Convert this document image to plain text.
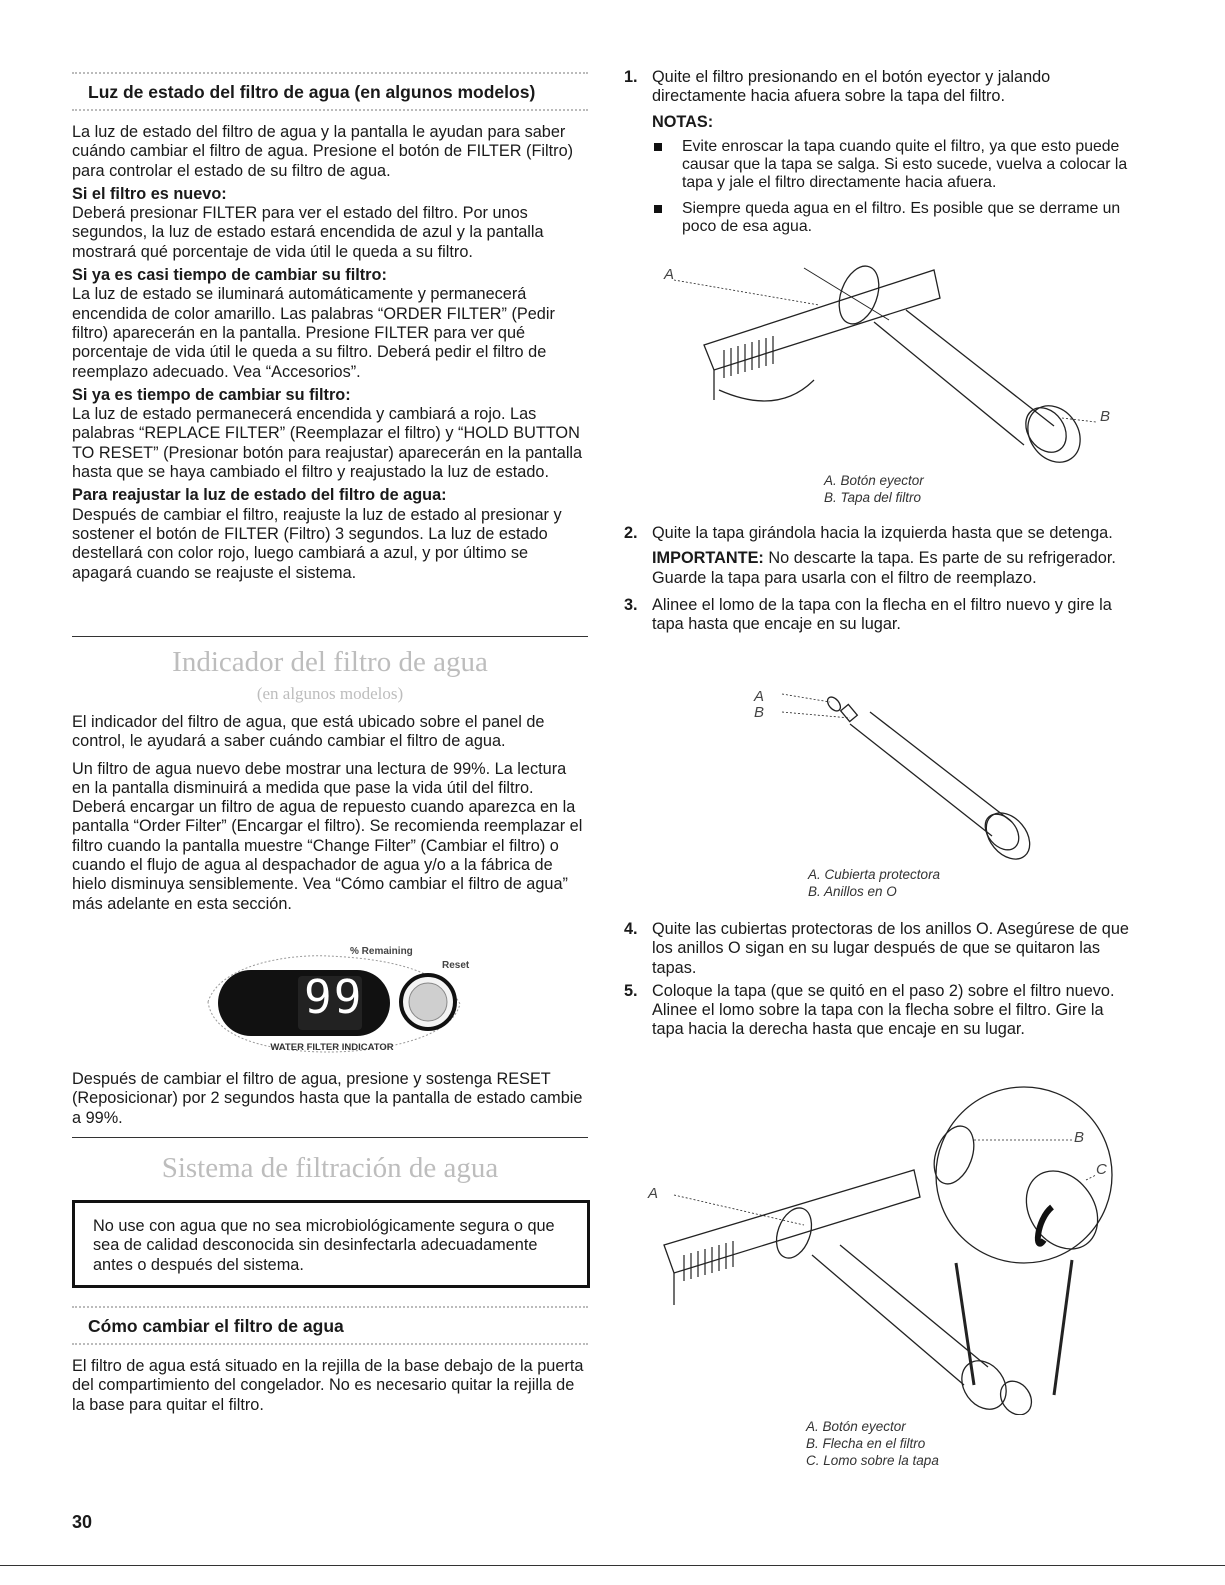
Luz de estado del filtro de agua (en algunos modelos)

La luz de estado del filtro de agua y la pantalla le ayudan para saber cuándo cambiar el filtro de agua. Presione el botón de FILTER (Filtro) para controlar el estado de su filtro de agua.

Si el filtro es nuevo:

Deberá presionar FILTER para ver el estado del filtro. Por unos segundos, la luz de estado estará encendida de azul y la pantalla mostrará qué porcentaje de vida útil le queda a su filtro.

Si ya es casi tiempo de cambiar su filtro:

La luz de estado se iluminará automáticamente y permanecerá encendida de color amarillo. Las palabras “ORDER FILTER” (Pedir filtro) aparecerán en la pantalla. Presione FILTER para ver qué porcentaje de vida útil le queda a su filtro. Deberá pedir el filtro de reemplazo adecuado. Vea “Accesorios”.

Si ya es tiempo de cambiar su filtro:

La luz de estado permanecerá encendida y cambiará a rojo. Las palabras “REPLACE FILTER” (Reemplazar el filtro) y “HOLD BUTTON TO RESET” (Presionar botón para reajustar) aparecerán en la pantalla hasta que se haya cambiado el filtro y reajustado la luz de estado.

Para reajustar la luz de estado del filtro de agua:

Después de cambiar el filtro, reajuste la luz de estado al presionar y sostener el botón de FILTER (Filtro) 3 segundos. La luz de estado destellará con color rojo, luego cambiará a azul, y por último se apagará cuando se reajuste el sistema.

Indicador del filtro de agua
(en algunos modelos)

El indicador del filtro de agua, que está ubicado sobre el panel de control, le ayudará a saber cuándo cambiar el filtro de agua.

Un filtro de agua nuevo debe mostrar una lectura de 99%. La lectura en la pantalla disminuirá a medida que pase la vida útil del filtro. Deberá encargar un filtro de agua de repuesto cuando aparezca en la pantalla “Order Filter” (Encargar el filtro). Se recomienda reemplazar el filtro cuando la pantalla muestre “Change Filter” (Cambiar el filtro) o cuando el flujo de agua al despachador de agua y/o a la fábrica de hielo disminuya sensiblemente. Vea “Cómo cambiar el filtro de agua” más adelante en esta sección.

% Remaining
Reset
99
WATER FILTER INDICATOR

Después de cambiar el filtro de agua, presione y sostenga RESET (Reposicionar) por 2 segundos hasta que la pantalla de estado cambie a 99%.

Sistema de filtración de agua
No use con agua que no sea microbiológicamente segura o que sea de calidad desconocida sin desinfectarla adecuadamente antes o después del sistema.
Cómo cambiar el filtro de agua

El filtro de agua está situado en la rejilla de la base debajo de la puerta del compartimiento del congelador. No es necesario quitar la rejilla de la base para quitar el filtro.

1. Quite el filtro presionando en el botón eyector y jalando directamente hacia afuera sobre la tapa del filtro.
NOTAS:
Evite enroscar la tapa cuando quite el filtro, ya que esto puede causar que la tapa se salga. Si esto sucede, vuelva a colocar la tapa y jale el filtro directamente hacia afuera.
Siempre queda agua en el filtro. Es posible que se derrame un poco de esa agua.
A
B
A. Botón eyector
B. Tapa del filtro
2. Quite la tapa girándola hacia la izquierda hasta que se detenga.
IMPORTANTE: No descarte la tapa. Es parte de su refrigerador. Guarde la tapa para usarla con el filtro de reemplazo.
3. Alinee el lomo de la tapa con la flecha en el filtro nuevo y gire la tapa hasta que encaje en su lugar.
A
B
A. Cubierta protectora
B. Anillos en O
4. Quite las cubiertas protectoras de los anillos O. Asegúrese de que los anillos O sigan en su lugar después de que se quitaron las tapas.
5. Coloque la tapa (que se quitó en el paso 2) sobre el filtro nuevo. Alinee el lomo sobre la tapa con la flecha sobre el filtro. Gire la tapa hacia la derecha hasta que encaje en su lugar.
A
B
C
A. Botón eyector
B. Flecha en el filtro
C. Lomo sobre la tapa
30
